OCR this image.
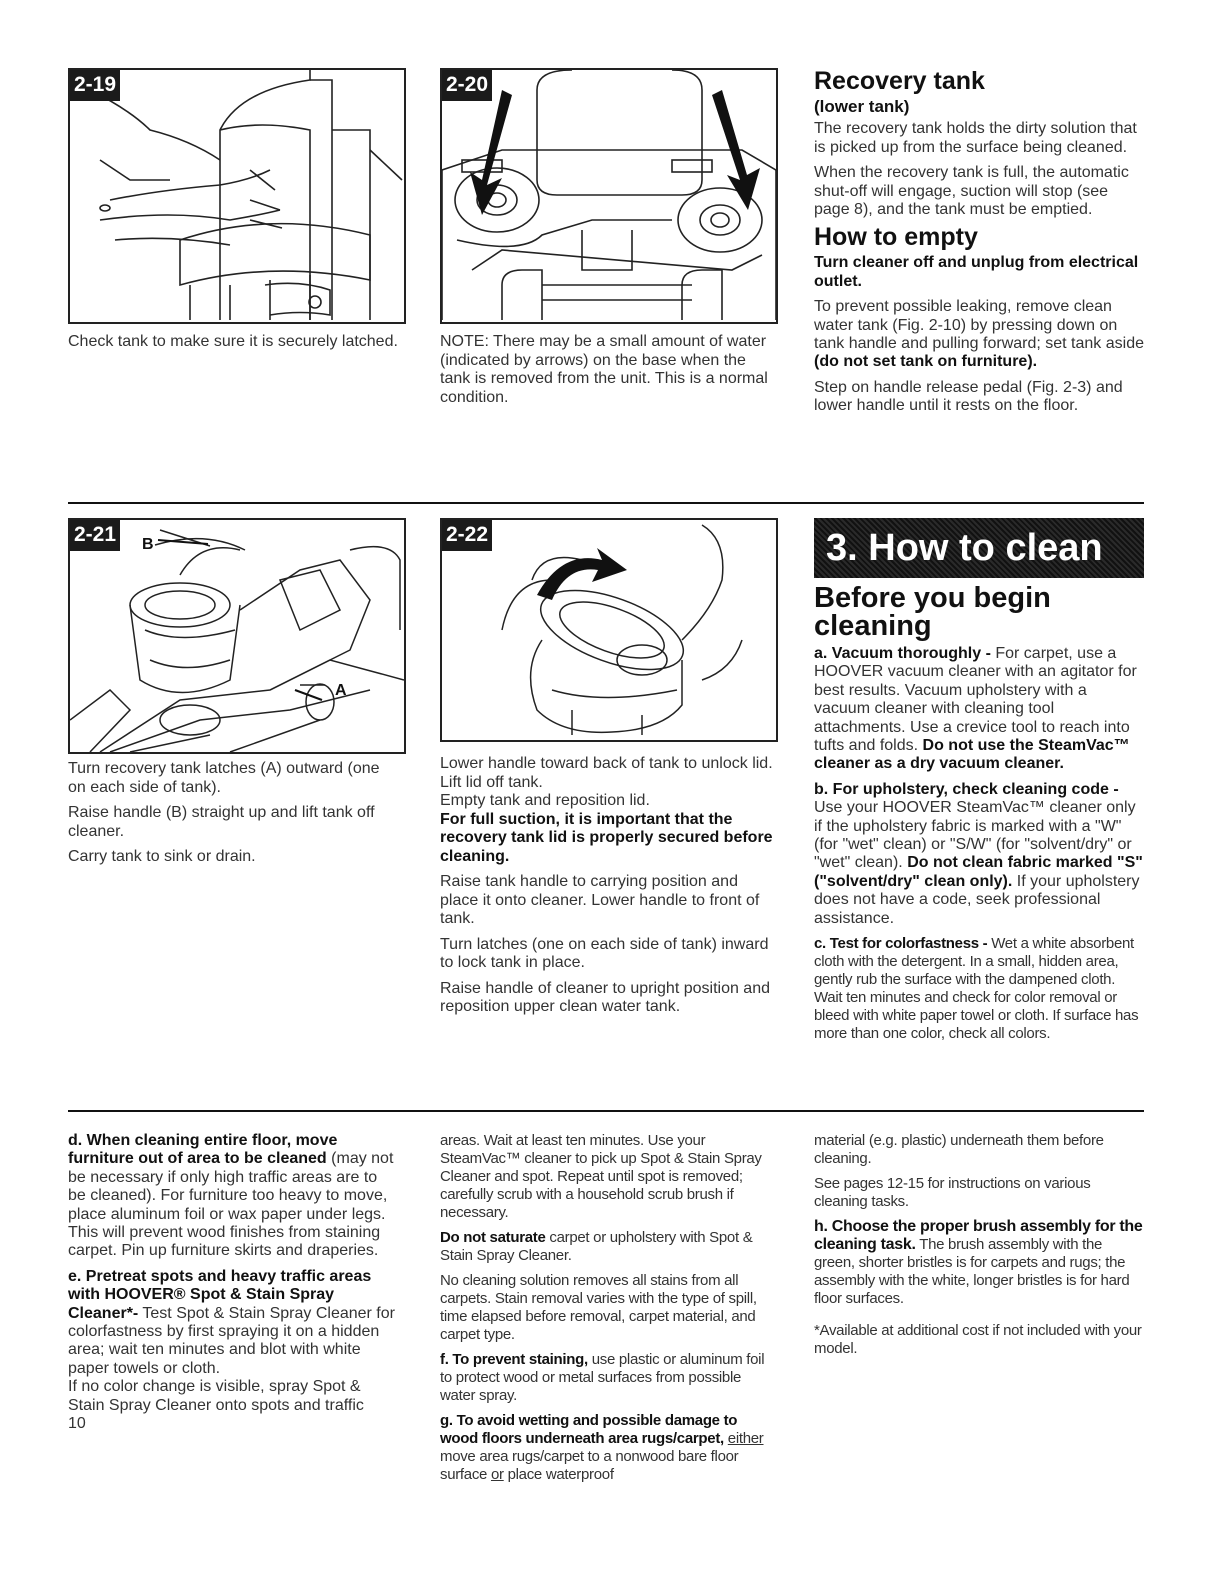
2-19
Check tank to make sure it is securely latched.
2-20
NOTE: There may be a small amount of water (indicated by arrows) on the base when the tank is removed from the unit. This is a normal condition.
Recovery tank
(lower tank)

The recovery tank holds the dirty solution that is picked up from the surface being cleaned.

When the recovery tank is full, the automatic shut-off will engage, suction will stop (see page 8), and the tank must be emptied.

How to empty

Turn cleaner off and unplug from electrical outlet.

To prevent possible leaking, remove clean water tank (Fig. 2-10) by pressing down on tank handle and pulling forward; set tank aside (do not set tank on furniture).

Step on handle release pedal (Fig. 2-3) and lower handle until it rests on the floor.

2-21 B
A

Turn recovery tank latches (A) outward (one on each side of tank).

Raise handle (B) straight up and lift tank off cleaner.

Carry tank to sink or drain.

2-22

Lower handle toward back of tank to unlock lid. Lift lid off tank.

Empty tank and reposition lid.

For full suction, it is important that the recovery tank lid is properly secured before cleaning.

Raise tank handle to carrying position and place it onto cleaner. Lower handle to front of tank.

Turn latches (one on each side of tank) inward to lock tank in place.

Raise handle of cleaner to upright position and reposition upper clean water tank.

3. How to clean
Before you begin
cleaning

a. Vacuum thoroughly - For carpet, use a HOOVER vacuum cleaner with an agitator for best results. Vacuum upholstery with a vacuum cleaner with cleaning tool attachments. Use a crevice tool to reach into tufts and folds. Do not use the SteamVac™ cleaner as a dry vacuum cleaner.

b. For upholstery, check cleaning code - Use your HOOVER SteamVac™ cleaner only if the upholstery fabric is marked with a "W" (for "wet" clean) or "S/W" (for "solvent/dry" or "wet" clean). Do not clean fabric marked "S" ("solvent/dry" clean only). If your upholstery does not have a code, seek professional assistance.

c. Test for colorfastness - Wet a white absorbent cloth with the detergent. In a small, hidden area, gently rub the surface with the dampened cloth. Wait ten minutes and check for color removal or bleed with white paper towel or cloth. If surface has more than one color, check all colors.

d. When cleaning entire floor, move furniture out of area to be cleaned (may not be necessary if only high traffic areas are to be cleaned). For furniture too heavy to move, place aluminum foil or wax paper under legs. This will prevent wood finishes from staining carpet. Pin up furniture skirts and draperies.

e. Pretreat spots and heavy traffic areas with HOOVER® Spot & Stain Spray Cleaner*- Test Spot & Stain Spray Cleaner for colorfastness by first spraying it on a hidden area; wait ten minutes and blot with white paper towels or cloth.

If no color change is visible, spray Spot & Stain Spray Cleaner onto spots and traffic

10

areas. Wait at least ten minutes. Use your SteamVac™ cleaner to pick up Spot & Stain Spray Cleaner and spot. Repeat until spot is removed; carefully scrub with a household scrub brush if necessary.

Do not saturate carpet or upholstery with Spot & Stain Spray Cleaner.

No cleaning solution removes all stains from all carpets. Stain removal varies with the type of spill, time elapsed before removal, carpet material, and carpet type.

f. To prevent staining, use plastic or aluminum foil to protect wood or metal surfaces from possible water spray.

g. To avoid wetting and possible damage to wood floors underneath area rugs/carpet, either move area rugs/carpet to a nonwood bare floor surface or place waterproof

material (e.g. plastic) underneath them before cleaning.

See pages 12-15 for instructions on various cleaning tasks.

h. Choose the proper brush assembly for the cleaning task. The brush assembly with the green, shorter bristles is for carpets and rugs; the assembly with the white, longer bristles is for hard floor surfaces.

*Available at additional cost if not included with your model.
